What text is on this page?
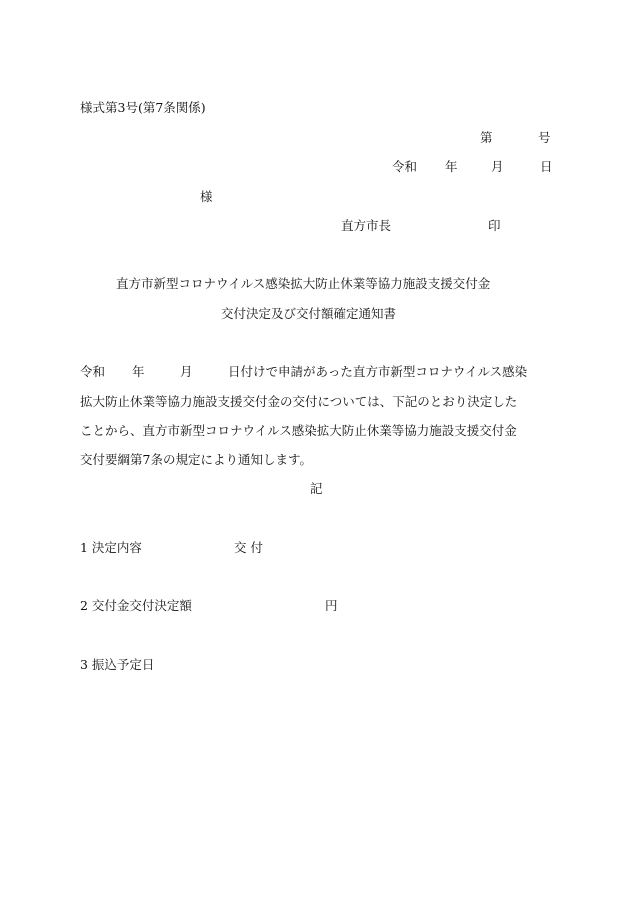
様式第3号(第7条関係)
第	号
令和 年	月	日
様
直方市長	印
直方市新型コロナウイルス感染拡大防止休業等協力施設支援交付金
交付決定及び交付額確定通知書
令和 年	月	日付けで申請があった直方市新型コロナウイルス感染
拡大防止休業等協力施設支援交付金の交付については、下記のとおり決定した
ことから、直方市新型コロナウイルス感染拡大防止休業等協力施設支援交付金
交付要綱第7条の規定により通知します。
記
1 決定内容	交 付
2 交付金交付決定額	円
3 振込予定日
